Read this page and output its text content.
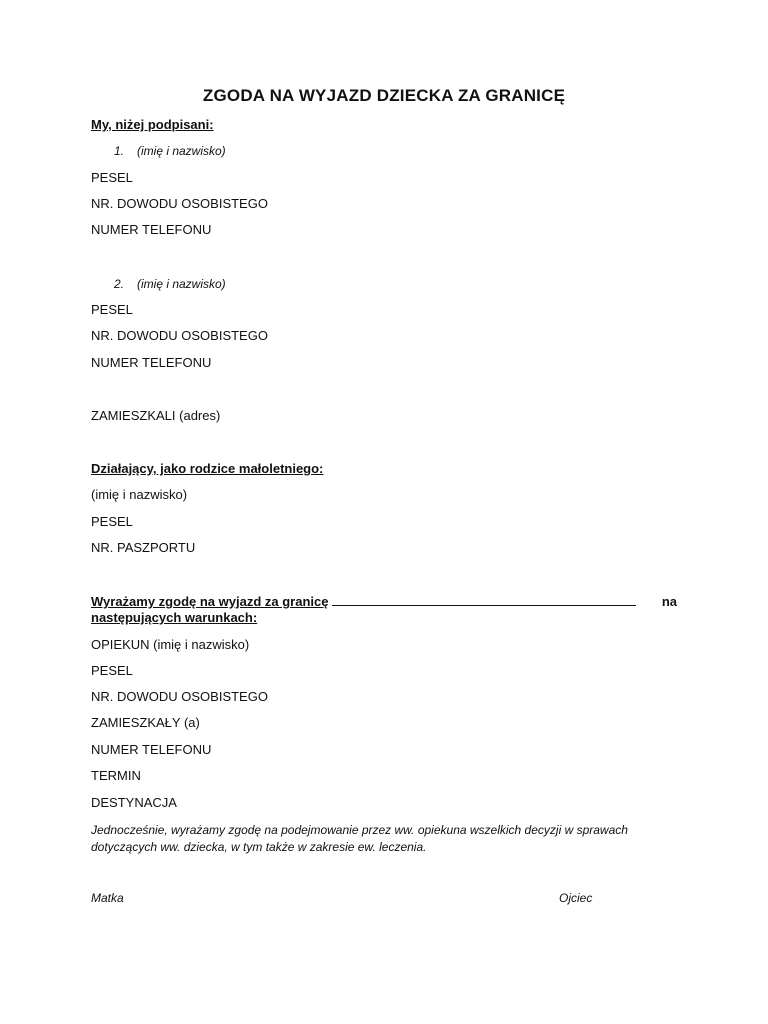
ZGODA NA WYJAZD DZIECKA ZA GRANICĘ
My, niżej podpisani:
1. (imię i nazwisko)
PESEL
NR. DOWODU OSOBISTEGO
NUMER TELEFONU
2. (imię i nazwisko)
PESEL
NR. DOWODU OSOBISTEGO
NUMER TELEFONU
ZAMIESZKALI (adres)
Działający, jako rodzice małoletniego:
(imię i nazwisko)
PESEL
NR. PASZPORTU
Wyrażamy zgodę na wyjazd za granicę	na
następujących warunkach:
OPIEKUN (imię i nazwisko)
PESEL
NR. DOWODU OSOBISTEGO
ZAMIESZKAŁY (a)
NUMER TELEFONU
TERMIN
DESTYNACJA
Jednocześnie, wyrażamy zgodę na podejmowanie przez ww. opiekuna wszelkich decyzji w sprawach dotyczących ww. dziecka, w tym także w zakresie ew. leczenia.
Matka	Ojciec
